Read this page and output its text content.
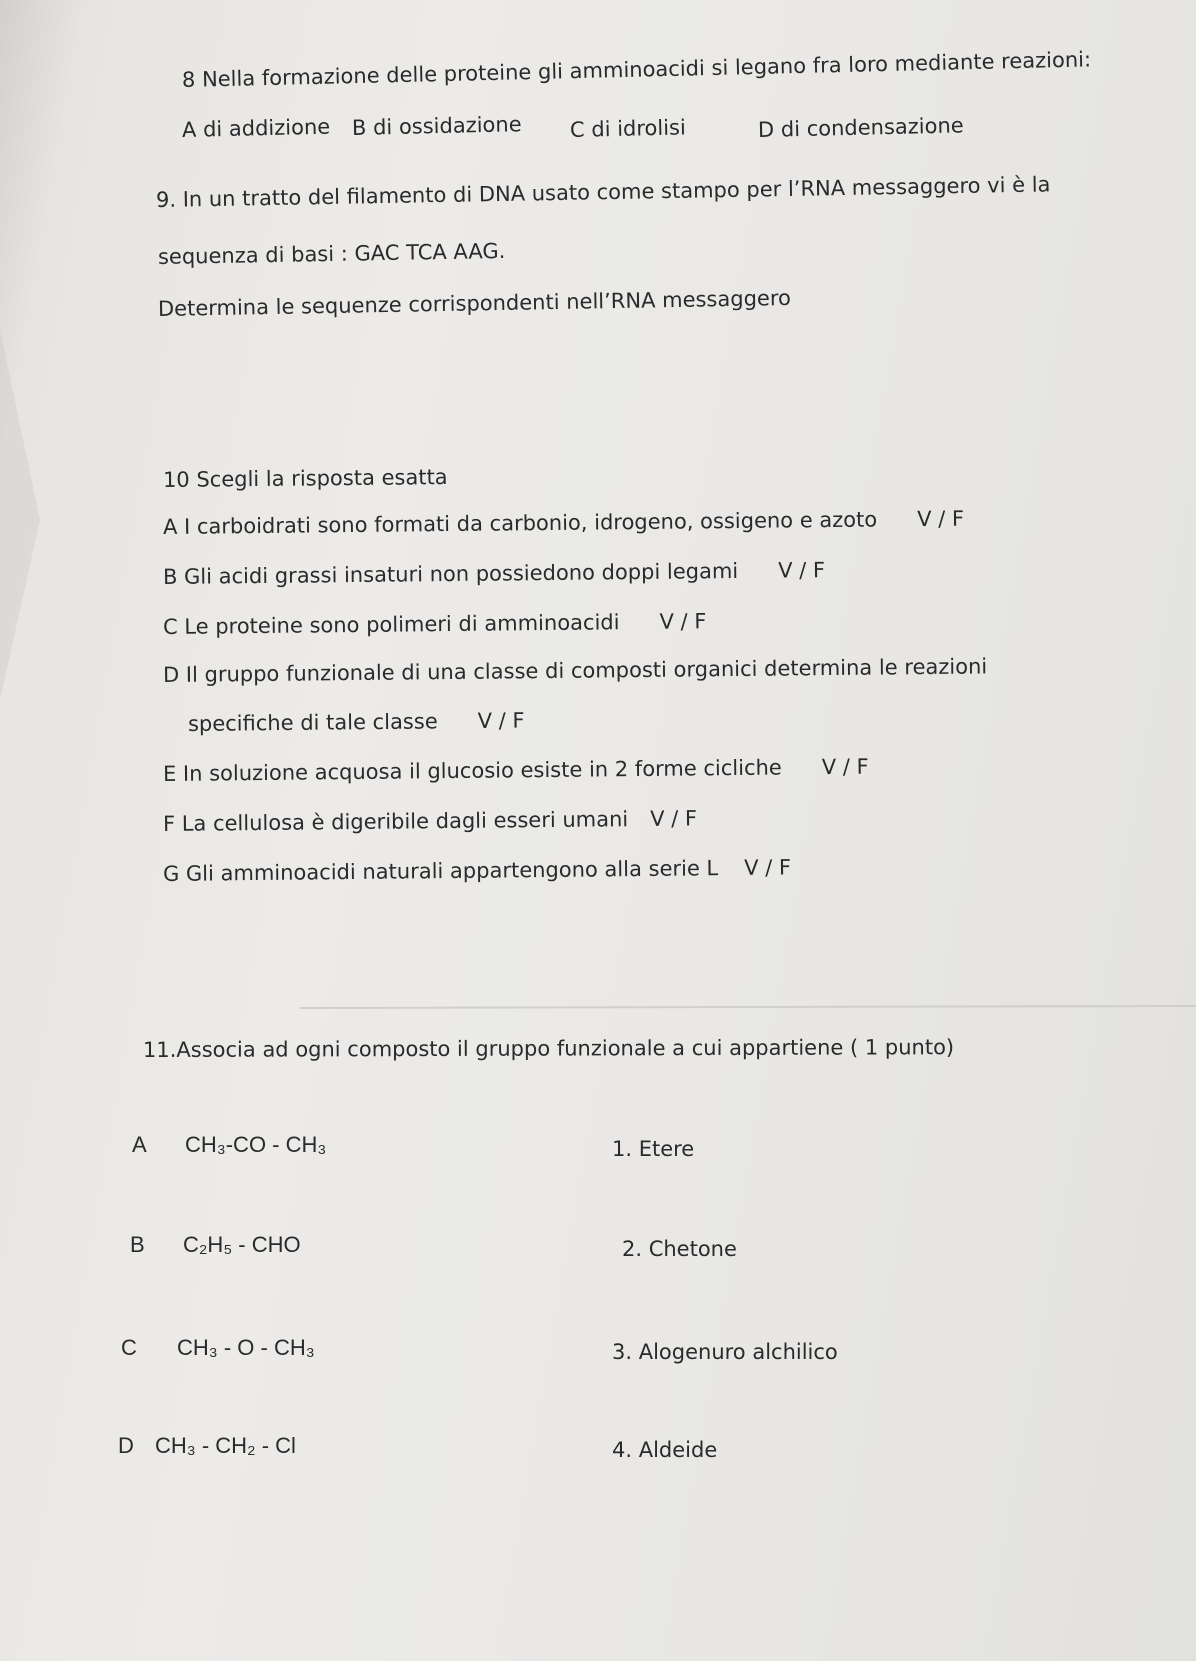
8 Nella formazione delle proteine gli amminoacidi si legano fra loro mediante reazioni:
A di addizione B di ossidazione C di idrolisi	D di condensazione
9. In un tratto del filamento di DNA usato come stampo per l’RNA messaggero vi è la
sequenza di basi : GAC TCA AAG.
Determina le sequenze corrispondenti nell’RNA messaggero
10 Scegli la risposta esatta
A I carboidrati sono formati da carbonio, idrogeno, ossigeno e azoto V / F
B Gli acidi grassi insaturi non possiedono doppi legami V / F
C Le proteine sono polimeri di amminoacidi V / F
D Il gruppo funzionale di una classe di composti organici determina le reazioni
specifiche di tale classe V / F
E In soluzione acquosa il glucosio esiste in 2 forme cicliche V / F
F La cellulosa è digeribile dagli esseri umani V / F
G Gli amminoacidi naturali appartengono alla serie L V / F
11.Associa ad ogni composto il gruppo funzionale a cui appartiene ( 1 punto)
A CH₃-CO - CH₃
B C₂H₅ - CHO
C CH₃ - O - CH₃
D CH₃ - CH₂ - Cl
1. Etere
2. Chetone
3. Alogenuro alchilico
4. Aldeide
